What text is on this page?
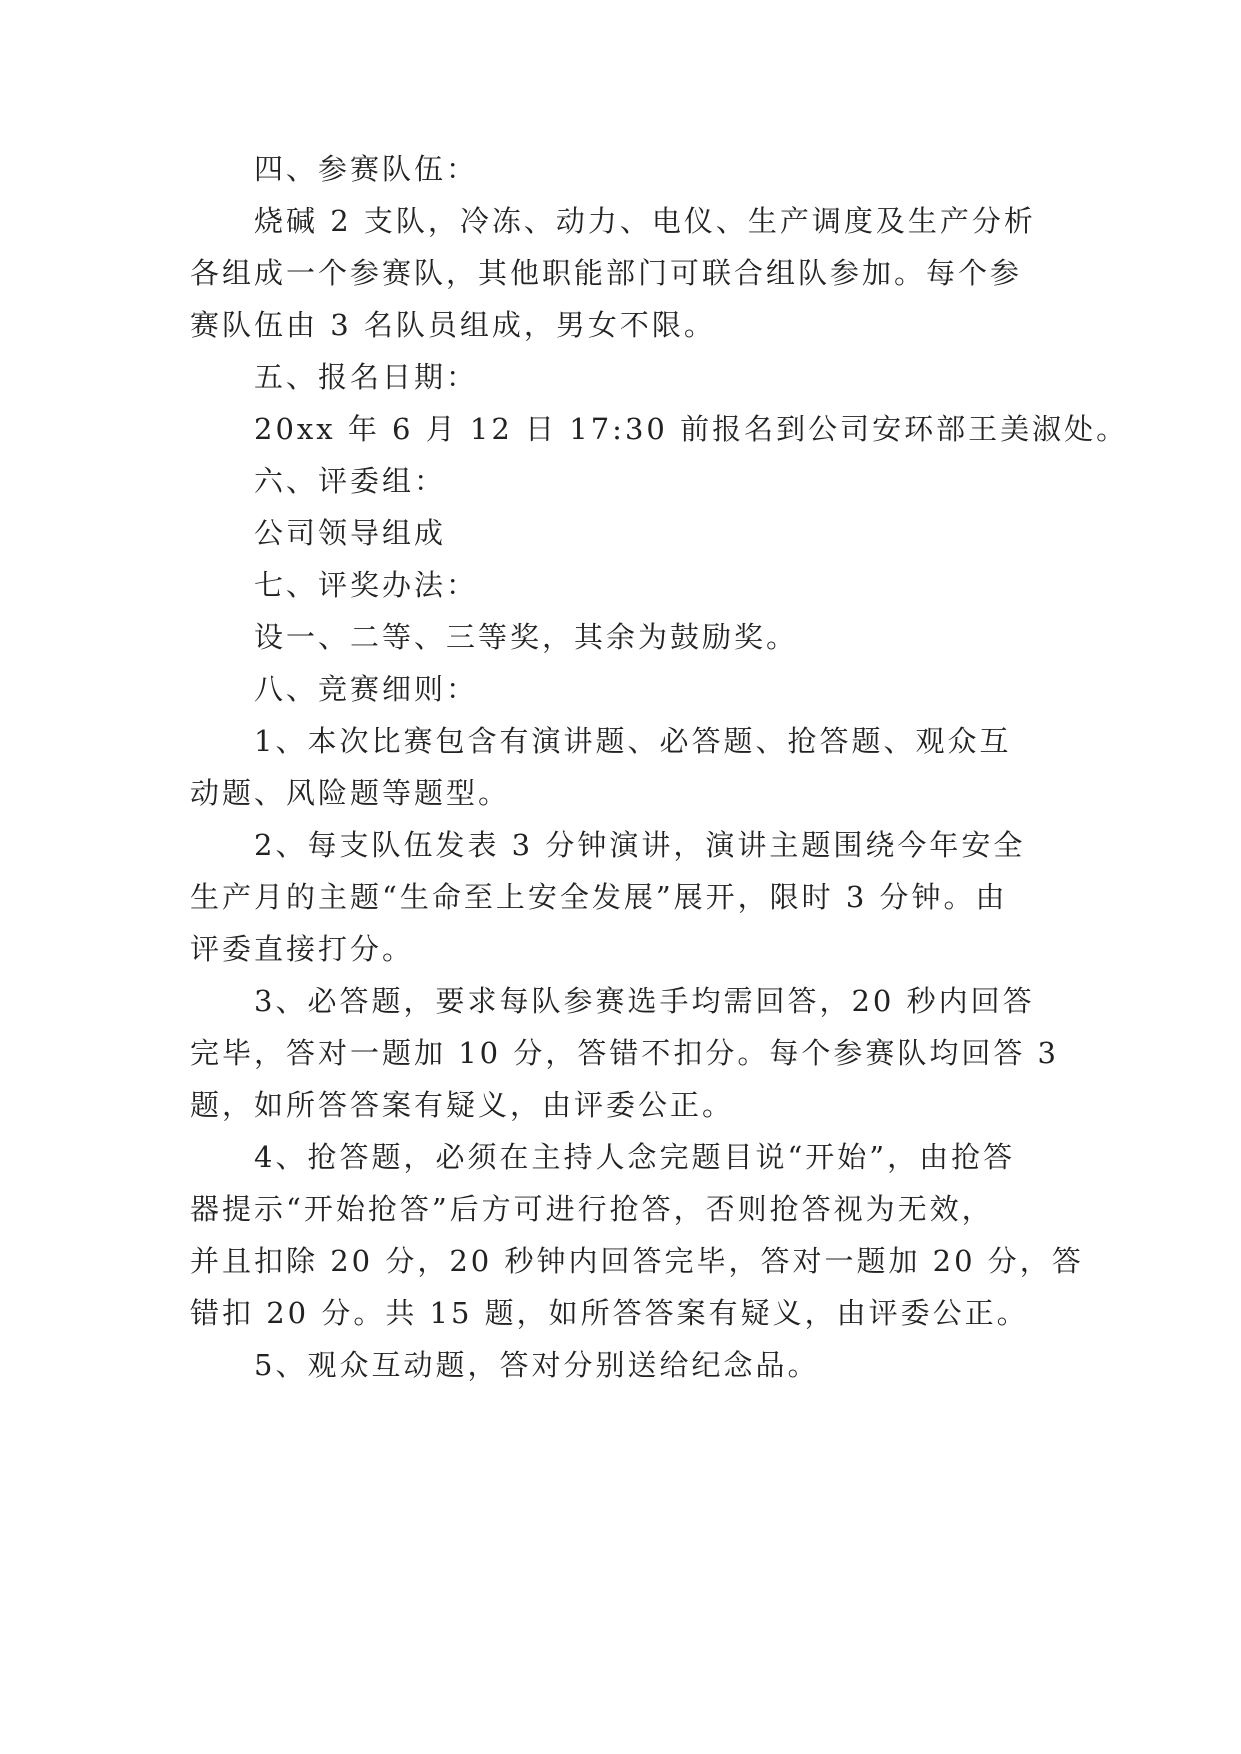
四、参赛队伍：
烧碱 2 支队，冷冻、动力、电仪、生产调度及生产分析
各组成一个参赛队，其他职能部门可联合组队参加。每个参
赛队伍由 3 名队员组成，男女不限。
五、报名日期：
20xx 年 6 月 12 日 17:30 前报名到公司安环部王美淑处。
六、评委组：
公司领导组成
七、评奖办法：
设一、二等、三等奖，其余为鼓励奖。
八、竞赛细则：
1、本次比赛包含有演讲题、必答题、抢答题、观众互
动题、风险题等题型。
2、每支队伍发表 3 分钟演讲，演讲主题围绕今年安全
生产月的主题“生命至上安全发展”展开，限时 3 分钟。由
评委直接打分。
3、必答题，要求每队参赛选手均需回答，20 秒内回答
完毕，答对一题加 10 分，答错不扣分。每个参赛队均回答 3
题，如所答答案有疑义，由评委公正。
4、抢答题，必须在主持人念完题目说“开始”，由抢答
器提示“开始抢答”后方可进行抢答，否则抢答视为无效，
并且扣除 20 分，20 秒钟内回答完毕，答对一题加 20 分，答
错扣 20 分。共 15 题，如所答答案有疑义，由评委公正。
5、观众互动题，答对分别送给纪念品。
